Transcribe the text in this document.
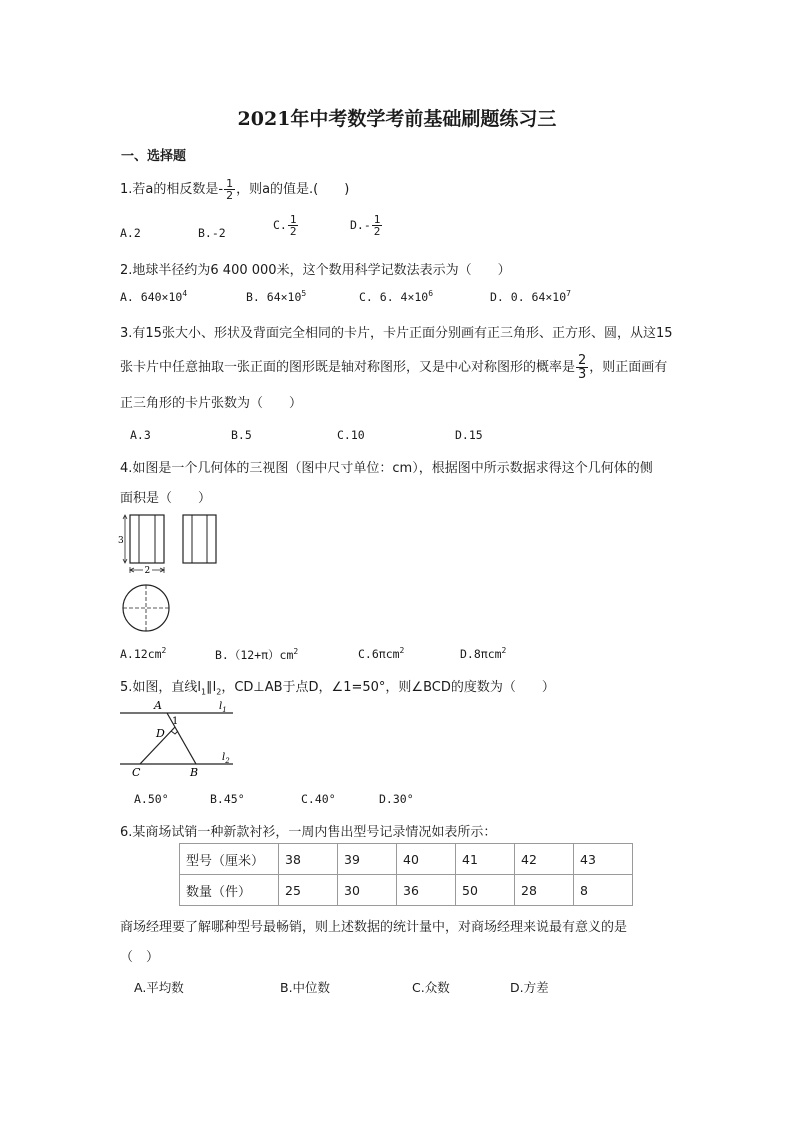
2021年中考数学考前基础刷题练习三
一、选择题
1.若a的相反数是- $\frac{1}{2}$ ，则a的值是.(　　)
A.2	B.-2
C. $\frac{1}{2}$	$D.- \frac{1}{2}$
2.地球半径约为6 400 000米，这个数用科学记数法表示为（　　）
A. $640\times 10^4$	B. $64\times 10^5$	C. 6. $4\times 10^6$	D. 0. $64\times 10^7$
3.有15张大小、形状及背面完全相同的卡片，卡片正面分别画有正三角形、正方形、圆，从这15
张卡片中任意抽取一张正面的图形既是轴对称图形，又是中心对称图形的概率是 $\frac{2}{3}$ ，则正面画有
正三角形的卡片张数为（　　）
A.3	B.5	C.10	D.15
4.如图是一个几何体的三视图（图中尺寸单位：cm），根据图中所示数据求得这个几何体的侧
面积是（　　）
3
2
$A.12cm^2$	$B.(12+\pi)cm^2$	C.6πcm$^2$	D.8πcm$^2$
5.如图，直线$l_1\parallel l_2$，CD⊥AB于点D，∠1=50°，则∠BCD的度数为（　　）
A
1
D
C	B
$l_1$
$l_2$
A.50°	B.45°	C.40°	D.30°
6.某商场试销一种新款衬衫，一周内售出型号记录情况如表所示：
型号（厘米）	38	39	40	41	42	43
数量（件）	25	30	36	50	28	8
商场经理要了解哪种型号最畅销，则上述数据的统计量中，对商场经理来说最有意义的是
（　）
A.平均数	B.中位数	C.众数	D.方差
